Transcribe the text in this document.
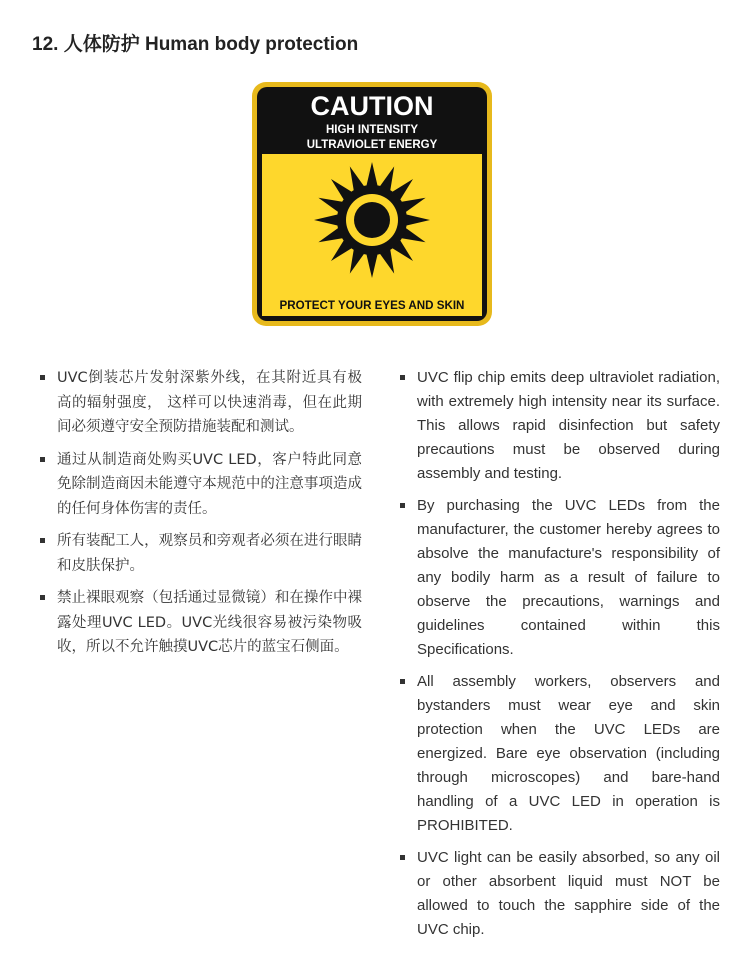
12. 人体防护 Human body protection
CAUTION
HIGH INTENSITY
ULTRAVIOLET ENERGY
PROTECT YOUR EYES AND SKIN
UVC倒装芯片发射深紫外线，在其附近具有极高的辐射强度， 这样可以快速消毒，但在此期间必须遵守安全预防措施装配和测试。
通过从制造商处购买UVC LED，客户特此同意免除制造商因未能遵守本规范中的注意事项造成的任何身体伤害的责任。
所有装配工人，观察员和旁观者必须在进行眼睛和皮肤保护。
禁止裸眼观察（包括通过显微镜）和在操作中裸露处理UVC LED。UVC光线很容易被污染物吸收，所以不允许触摸UVC芯片的蓝宝石侧面。
UVC flip chip emits deep ultraviolet radiation, with extremely high intensity near its surface. This allows rapid disinfection but safety precautions must be observed during assembly and testing.
By purchasing the UVC LEDs from the manufacturer, the customer hereby agrees to absolve the manufacture's responsibility of any bodily harm as a result of failure to observe the precautions, warnings and guidelines contained within this Specifications.
All assembly workers, observers and bystanders must wear eye and skin protection when the UVC LEDs are energized. Bare eye observation (including through microscopes) and bare-hand handling of a UVC LED in operation is PROHIBITED.
UVC light can be easily absorbed, so any oil or other absorbent liquid must NOT be allowed to touch the sapphire side of the UVC chip.
